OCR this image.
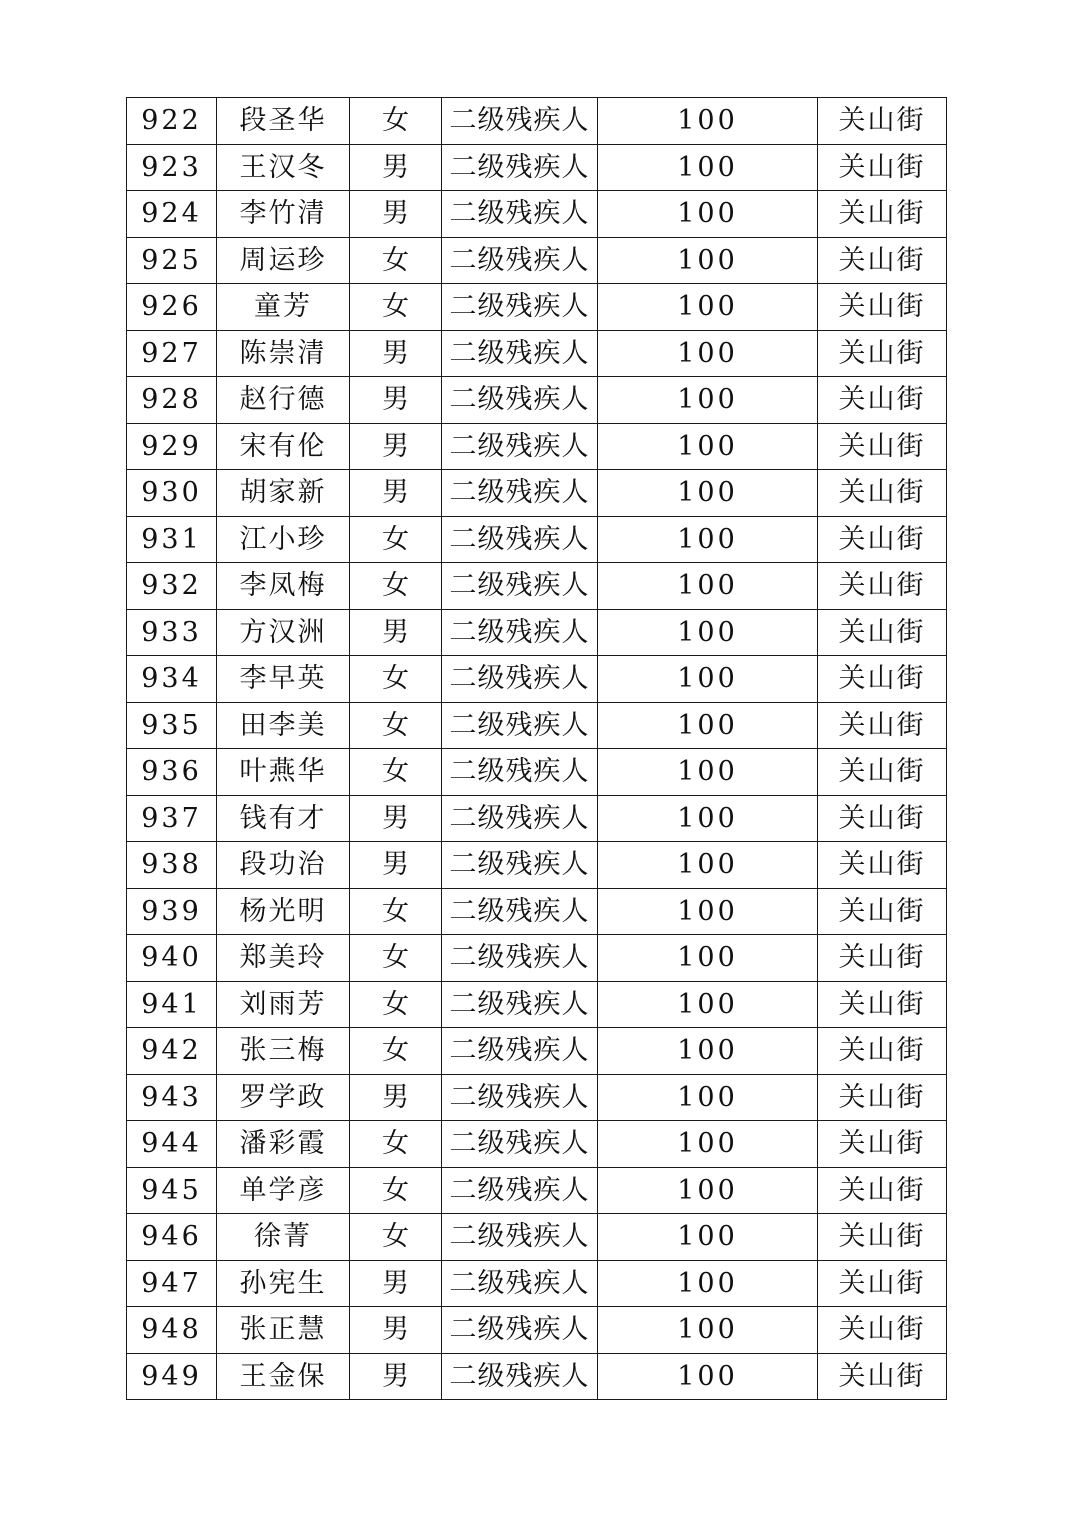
922	段圣华	女	二级残疾人	100	关山街
923	王汉冬	男	二级残疾人	100	关山街
924	李竹清	男	二级残疾人	100	关山街
925	周运珍	女	二级残疾人	100	关山街
926	童芳	女	二级残疾人	100	关山街
927	陈崇清	男	二级残疾人	100	关山街
928	赵行德	男	二级残疾人	100	关山街
929	宋有伦	男	二级残疾人	100	关山街
930	胡家新	男	二级残疾人	100	关山街
931	江小珍	女	二级残疾人	100	关山街
932	李凤梅	女	二级残疾人	100	关山街
933	方汉洲	男	二级残疾人	100	关山街
934	李早英	女	二级残疾人	100	关山街
935	田李美	女	二级残疾人	100	关山街
936	叶燕华	女	二级残疾人	100	关山街
937	钱有才	男	二级残疾人	100	关山街
938	段功治	男	二级残疾人	100	关山街
939	杨光明	女	二级残疾人	100	关山街
940	郑美玲	女	二级残疾人	100	关山街
941	刘雨芳	女	二级残疾人	100	关山街
942	张三梅	女	二级残疾人	100	关山街
943	罗学政	男	二级残疾人	100	关山街
944	潘彩霞	女	二级残疾人	100	关山街
945	单学彦	女	二级残疾人	100	关山街
946	徐菁	女	二级残疾人	100	关山街
947	孙宪生	男	二级残疾人	100	关山街
948	张正慧	男	二级残疾人	100	关山街
949	王金保	男	二级残疾人	100	关山街
